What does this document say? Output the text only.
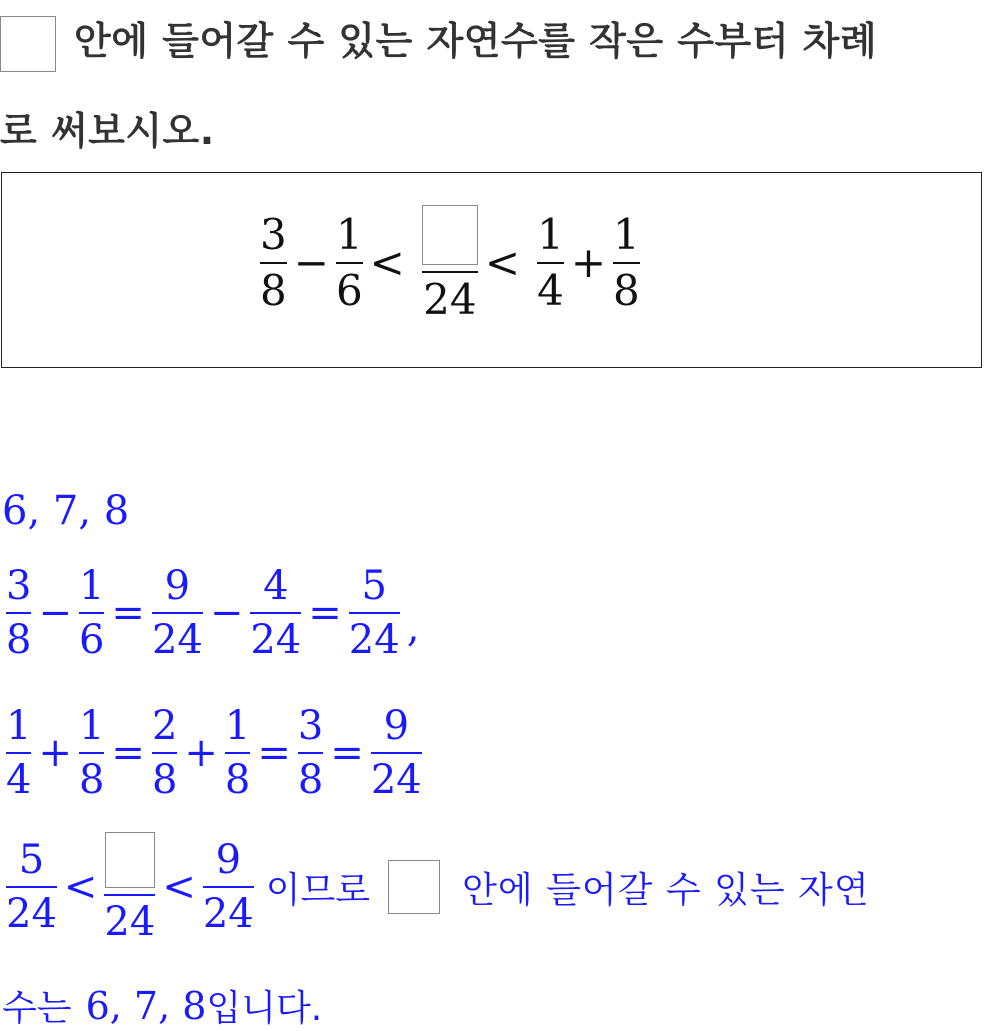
안에 들어갈 수 있는 자연수를 작은 수부터 차례
로 써보시오.
$\frac{3}{8} - \frac{1}{6}$ <
24
< $\frac{1}{4} + \frac{1}{8}$
6, 7, 8
$\frac{3}{8} - \frac{1}{6} = \frac{9}{24} - \frac{4}{24} = \frac{5}{24}$ ,
$\frac{1}{4} + \frac{1}{8} = \frac{2}{8} + \frac{1}{8} = \frac{3}{8} = \frac{9}{24}$
$\frac{5}{24}$ <
24
< $\frac{9}{24}$ 이므로	안에 들어갈 수 있는 자연
수는 6, 7, 8 입니다.
